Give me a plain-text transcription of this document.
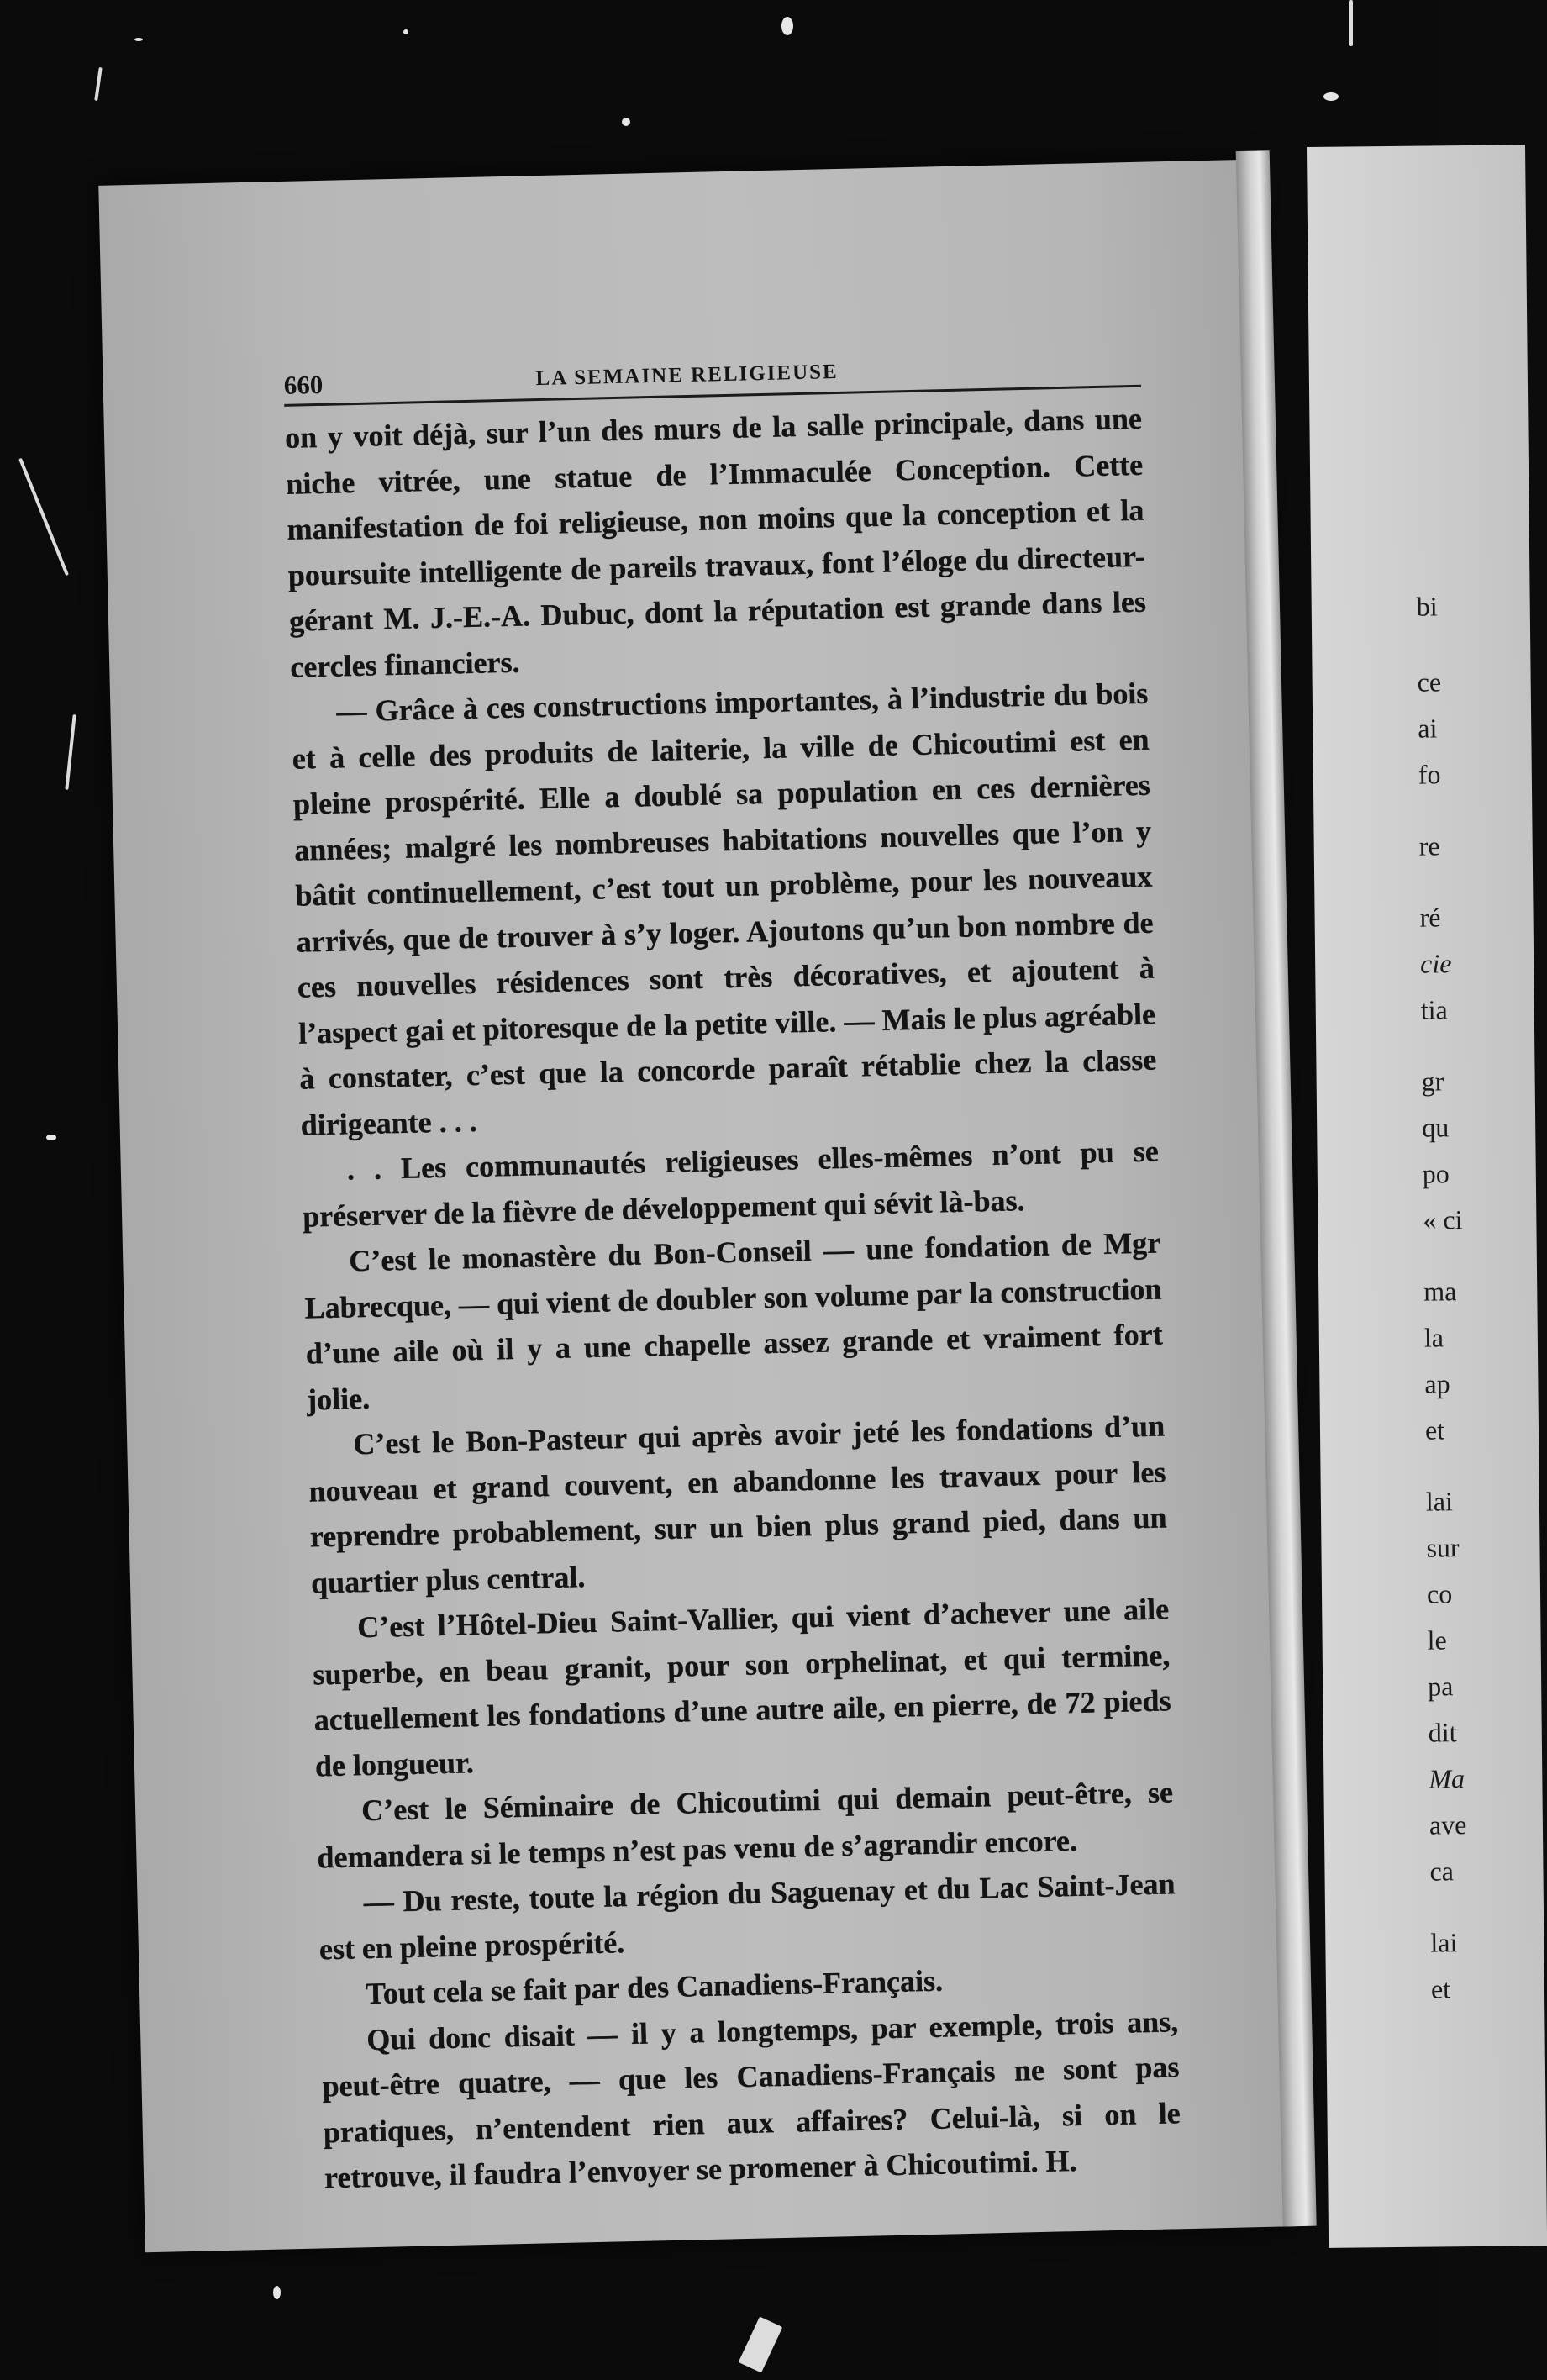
bi
ce
ai
fo
re
ré
cie
tia
gr
qu
po
« ci
ma
la
ap
et
lai
sur
co
le
pa
dit
Ma
ave
ca
lai
et
660	LA SEMAINE RELIGIEUSE

on y voit déjà, sur l’un des murs de la salle principale, dans une niche vitrée, une statue de l’Immaculée Conception. Cette manifestation de foi religieuse, non moins que la conception et la poursuite intelligente de pareils travaux, font l’éloge du directeur-gérant M. J.-E.-A. Dubuc, dont la réputation est grande dans les cercles financiers.

— Grâce à ces constructions importantes, à l’industrie du bois et à celle des produits de laiterie, la ville de Chicoutimi est en pleine prospérité. Elle a doublé sa population en ces dernières années; malgré les nombreuses habitations nouvelles que l’on y bâtit continuellement, c’est tout un problème, pour les nouveaux arrivés, que de trouver à s’y loger. Ajoutons qu’un bon nombre de ces nouvelles résidences sont très décoratives, et ajoutent à l’aspect gai et pitoresque de la petite ville. — Mais le plus agréable à constater, c’est que la concorde paraît rétablie chez la classe dirigeante . . .

. . Les communautés religieuses elles-mêmes n’ont pu se préserver de la fièvre de développement qui sévit là-bas.

C’est le monastère du Bon-Conseil — une fondation de Mgr Labrecque, — qui vient de doubler son volume par la construction d’une aile où il y a une chapelle assez grande et vraiment fort jolie.

C’est le Bon-Pasteur qui après avoir jeté les fondations d’un nouveau et grand couvent, en abandonne les travaux pour les reprendre probablement, sur un bien plus grand pied, dans un quartier plus central.

C’est l’Hôtel-Dieu Saint-Vallier, qui vient d’achever une aile superbe, en beau granit, pour son orphelinat, et qui termine, actuellement les fondations d’une autre aile, en pierre, de 72 pieds de longueur.

C’est le Séminaire de Chicoutimi qui demain peut-être, se demandera si le temps n’est pas venu de s’agrandir encore.

— Du reste, toute la région du Saguenay et du Lac Saint-Jean est en pleine prospérité.

Tout cela se fait par des Canadiens-Français.

Qui donc disait — il y a longtemps, par exemple, trois ans, peut-être quatre, — que les Canadiens-Français ne sont pas pratiques, n’entendent rien aux affaires? Celui-là, si on le retrouve, il faudra l’envoyer se promener à Chicoutimi. H.
